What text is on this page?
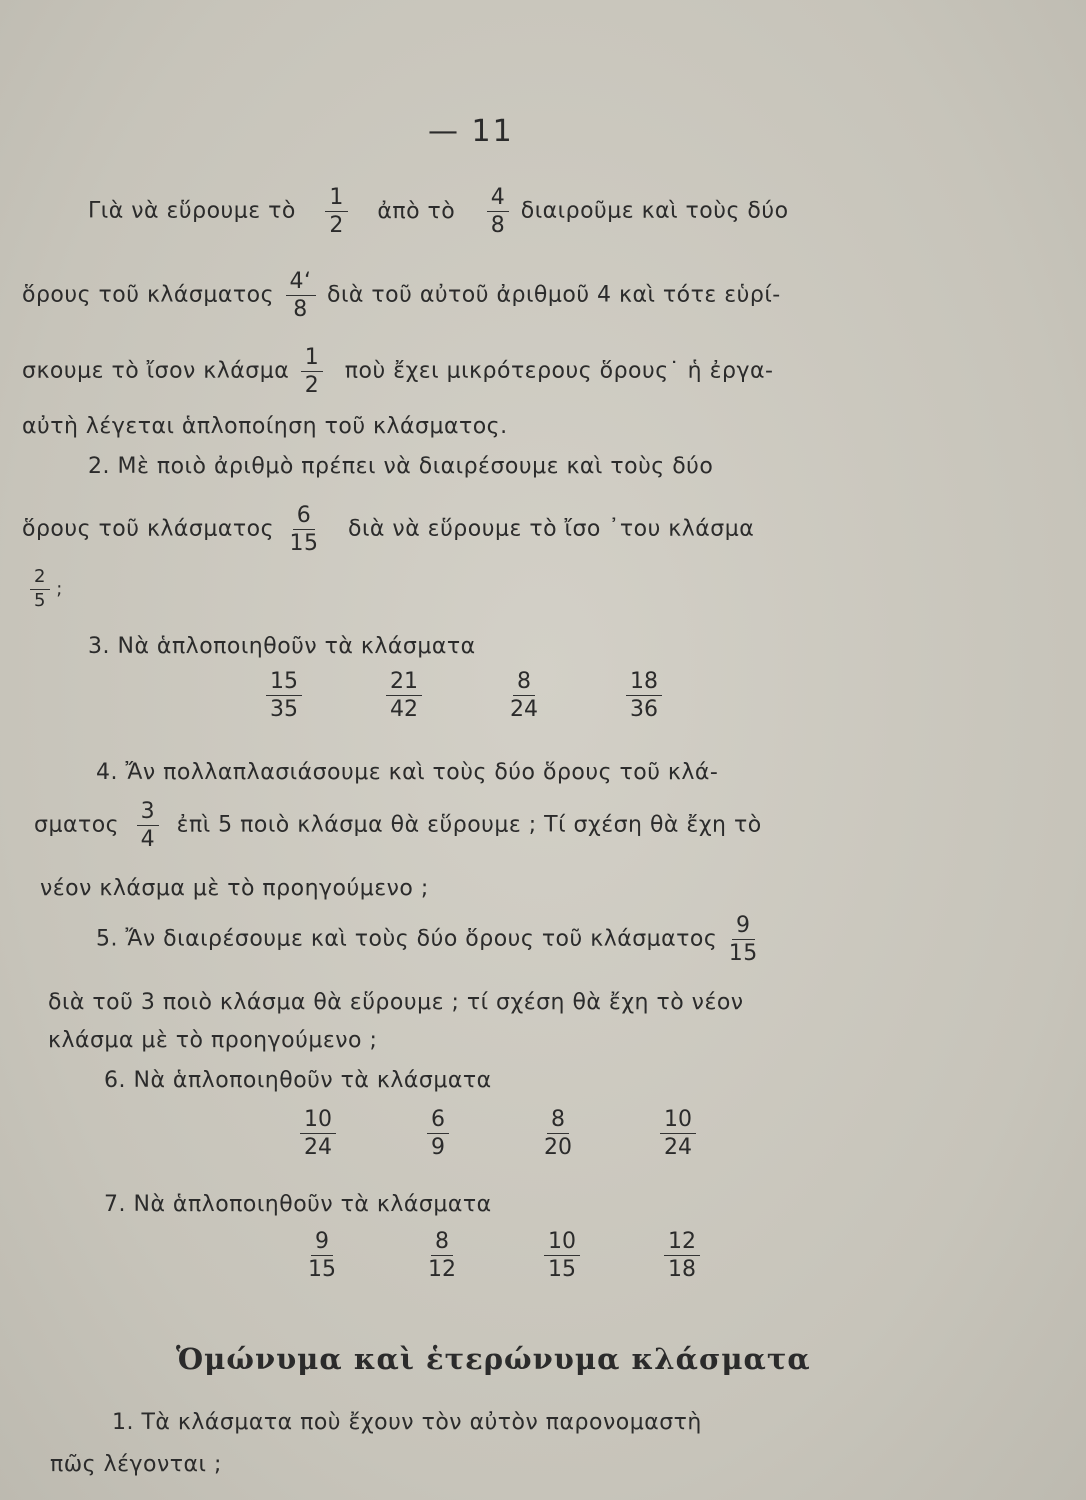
— 11
Γιὰ νὰ εὕρουμε τὸ $\frac{1}{2}$ ἀπὸ τὸ $\frac{4}{8}$ διαιροῦμε καὶ τοὺς δύο
ὅρους τοῦ κλάσματος $\frac{4‘}{8}$ διὰ τοῦ αὐτοῦ ἀριθμοῦ 4 καὶ τότε εὑρί-
σκουμε τὸ ἴσον κλάσμα $\frac{1}{2}$ ποὺ ἔχει μικρότερους ὅρους˙ ἡ ἐργα-
αὐτὴ λέγεται ἁπλοποίηση τοῦ κλάσματος.
2. Μὲ ποιὸ ἀριθμὸ πρέπει νὰ διαιρέσουμε καὶ τοὺς δύο
ὅρους τοῦ κλάσματος $\frac{6}{15}$ διὰ νὰ εὕρουμε τὸ ἴσο ᾿του κλάσμα
$\frac{2}{5}$ ;
3. Νὰ ἁπλοποιηθοῦν τὰ κλάσματα
$\frac{15}{35} \frac{21}{42} \frac{8}{24} \frac{18}{36}$
4. Ἄν πολλαπλασιάσουμε καὶ τοὺς δύο ὅρους τοῦ κλά-
σματος $\frac{3}{4}$ ἐπὶ 5 ποιὸ κλάσμα θὰ εὕρουμε ; Τί σχέση θὰ ἔχη τὸ
νέον κλάσμα μὲ τὸ προηγούμενο ;
5. Ἄν διαιρέσουμε καὶ τοὺς δύο ὅρους τοῦ κλάσματος $\frac{9}{15}$
διὰ τοῦ 3 ποιὸ κλάσμα θὰ εὕρουμε ; τί σχέση θὰ ἔχη τὸ νέον
κλάσμα μὲ τὸ προηγούμενο ;
6. Νὰ ἁπλοποιηθοῦν τὰ κλάσματα
$\frac{10}{24} \frac{6}{9} \frac{8}{20} \frac{10}{24}$
7. Νὰ ἁπλοποιηθοῦν τὰ κλάσματα
$\frac{9}{15} \frac{8}{12} \frac{10}{15} \frac{12}{18}$
Ὁμώνυμα καὶ ἑτερώνυμα κλάσματα
1. Τὰ κλάσματα ποὺ ἔχουν τὸν αὐτὸν παρονομαστὴ
πῶς λέγονται ;
